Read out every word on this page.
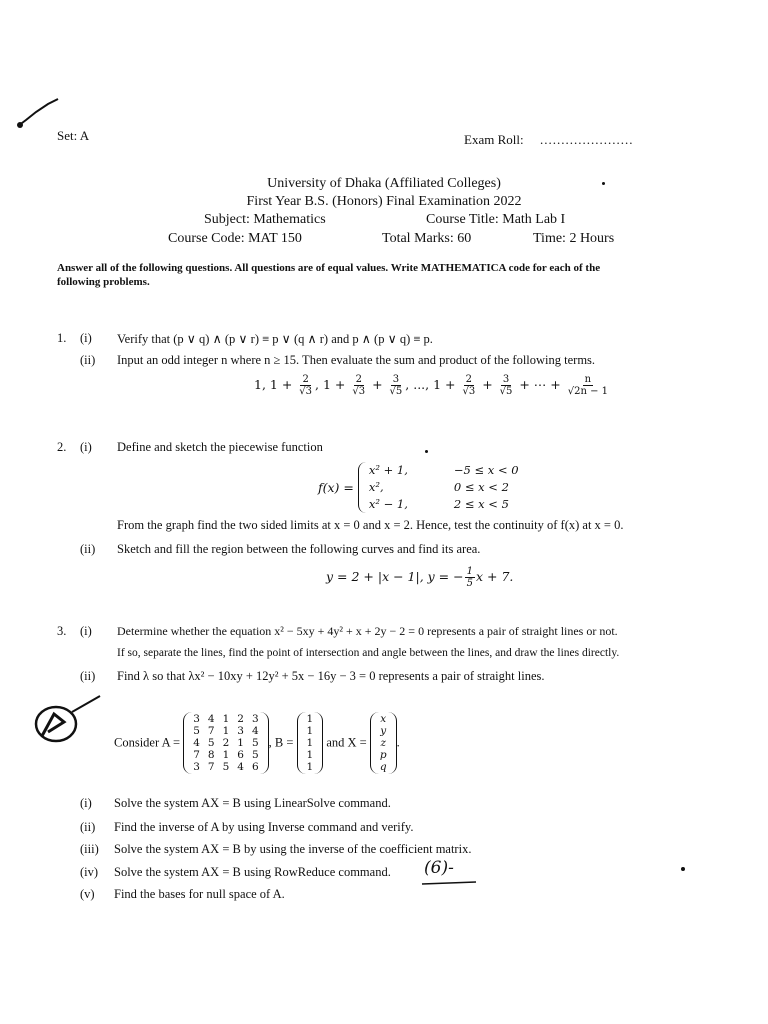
Set: A	Exam Roll: ......................
University of Dhaka (Affiliated Colleges)
First Year B.S. (Honors) Final Examination 2022
Subject: Mathematics	Course Title: Math Lab I
Course Code: MAT 150	Total Marks: 60	Time: 2 Hours
Answer all of the following questions. All questions are of equal values. Write MATHEMATICA code for each of the
following problems.
1. (i) Verify that (p ∨ q) ∧ (p ∨ r) ≡ p ∨ (q ∧ r) and p ∧ (p ∨ q) ≡ p.
(ii) Input an odd integer n where n ≥ 15. Then evaluate the sum and product of the following terms.
1, $1 + \frac{2}{√3}$ , $1 + \frac{2}{√3} + \frac{3}{√5}$ , ..., $1 + \frac{2}{√3} + \frac{3}{√5}$ + ⋯ + $\frac{n}{√2n - 1}$
2. (i) Define and sketch the piecewise function
f(x) =
x² + 1,	−5 ≤ x < 0
x²,	0 ≤ x < 2
x² − 1,	2 ≤ x < 5
From the graph find the two sided limits at x = 0 and x = 2. Hence, test the continuity of f(x) at x = 0.
(ii) Sketch and fill the region between the following curves and find its area.
y = 2 + |x − 1|, y = − $\frac{1}{5}$ x + 7.
3. (i) Determine whether the equation x² − 5xy + 4y² + x + 2y − 2 = 0 represents a pair of straight lines or not.
If so, separate the lines, find the point of intersection and angle between the lines, and draw the lines directly.
(ii) Find λ so that λx² − 10xy + 12y² + 5x − 16y − 3 = 0 represents a pair of straight lines.
Consider A =
3	4	1	2	3
5	7	1	3	4
4	5	2	1	5
7	8	1	6	5
3	7	5	4	6
, B =
1
1
1
1
1
and X =
x
y
z
p
q
.
(i) Solve the system AX = B using LinearSolve command.
(ii) Find the inverse of A by using Inverse command and verify.
(iii) Solve the system AX = B by using the inverse of the coefficient matrix.
(iv) Solve the system AX = B using RowReduce command.
(v) Find the bases for null space of A.
(6)-
